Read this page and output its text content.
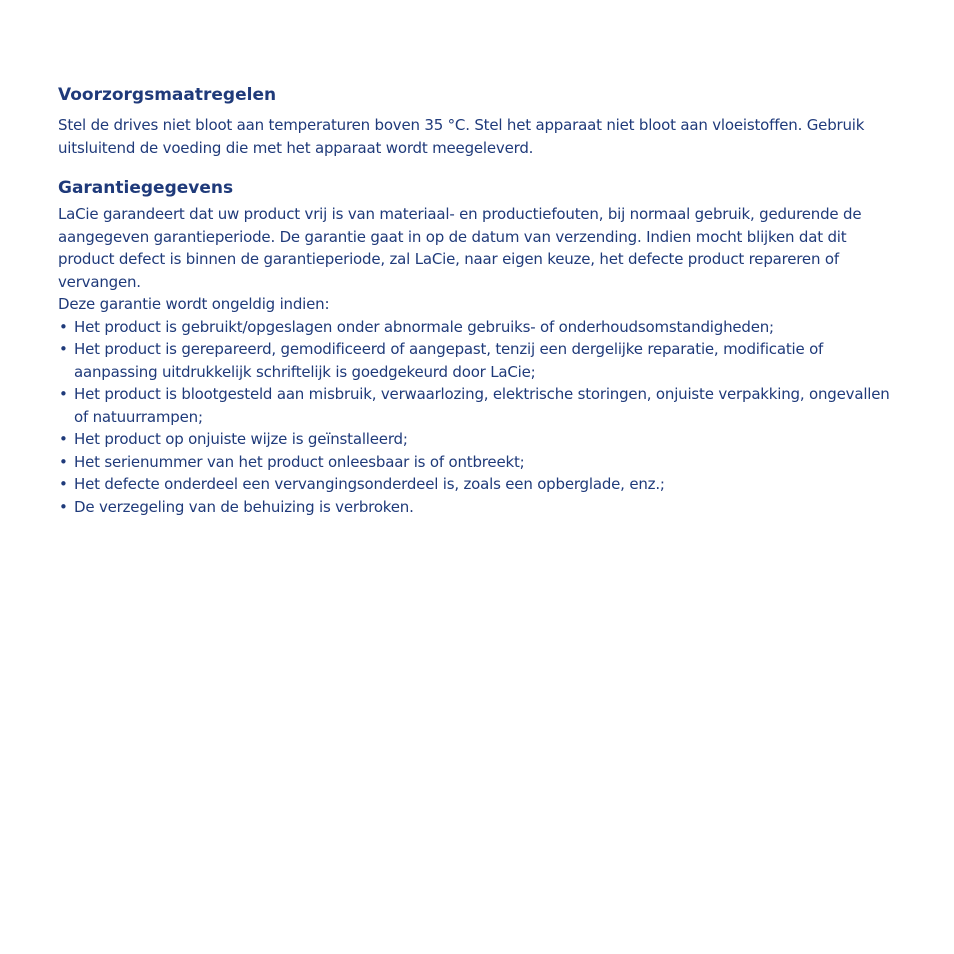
Voorzorgsmaatregelen

Stel de drives niet bloot aan temperaturen boven 35 °C. Stel het apparaat niet bloot aan vloeistoffen. Gebruik uitsluitend de voeding die met het apparaat wordt meegeleverd.

Garantiegegevens

LaCie garandeert dat uw product vrij is van materiaal- en productiefouten, bij normaal gebruik, gedurende de aangegeven garantieperiode. De garantie gaat in op de datum van verzending. Indien mocht blijken dat dit product defect is binnen de garantieperiode, zal LaCie, naar eigen keuze, het defecte product repareren of vervangen.

Deze garantie wordt ongeldig indien:

• Het product is gebruikt/opgeslagen onder abnormale gebruiks- of onderhoudsomstandigheden;
• Het product is gerepareerd, gemodificeerd of aangepast, tenzij een dergelijke reparatie, modificatie of aanpassing uitdrukkelijk schriftelijk is goedgekeurd door LaCie;
• Het product is blootgesteld aan misbruik, verwaarlozing, elektrische storingen, onjuiste verpakking, ongevallen of natuurrampen;
• Het product op onjuiste wijze is geïnstalleerd;
• Het serienummer van het product onleesbaar is of ontbreekt;
• Het defecte onderdeel een vervangingsonderdeel is, zoals een opberglade, enz.;
• De verzegeling van de behuizing is verbroken.
